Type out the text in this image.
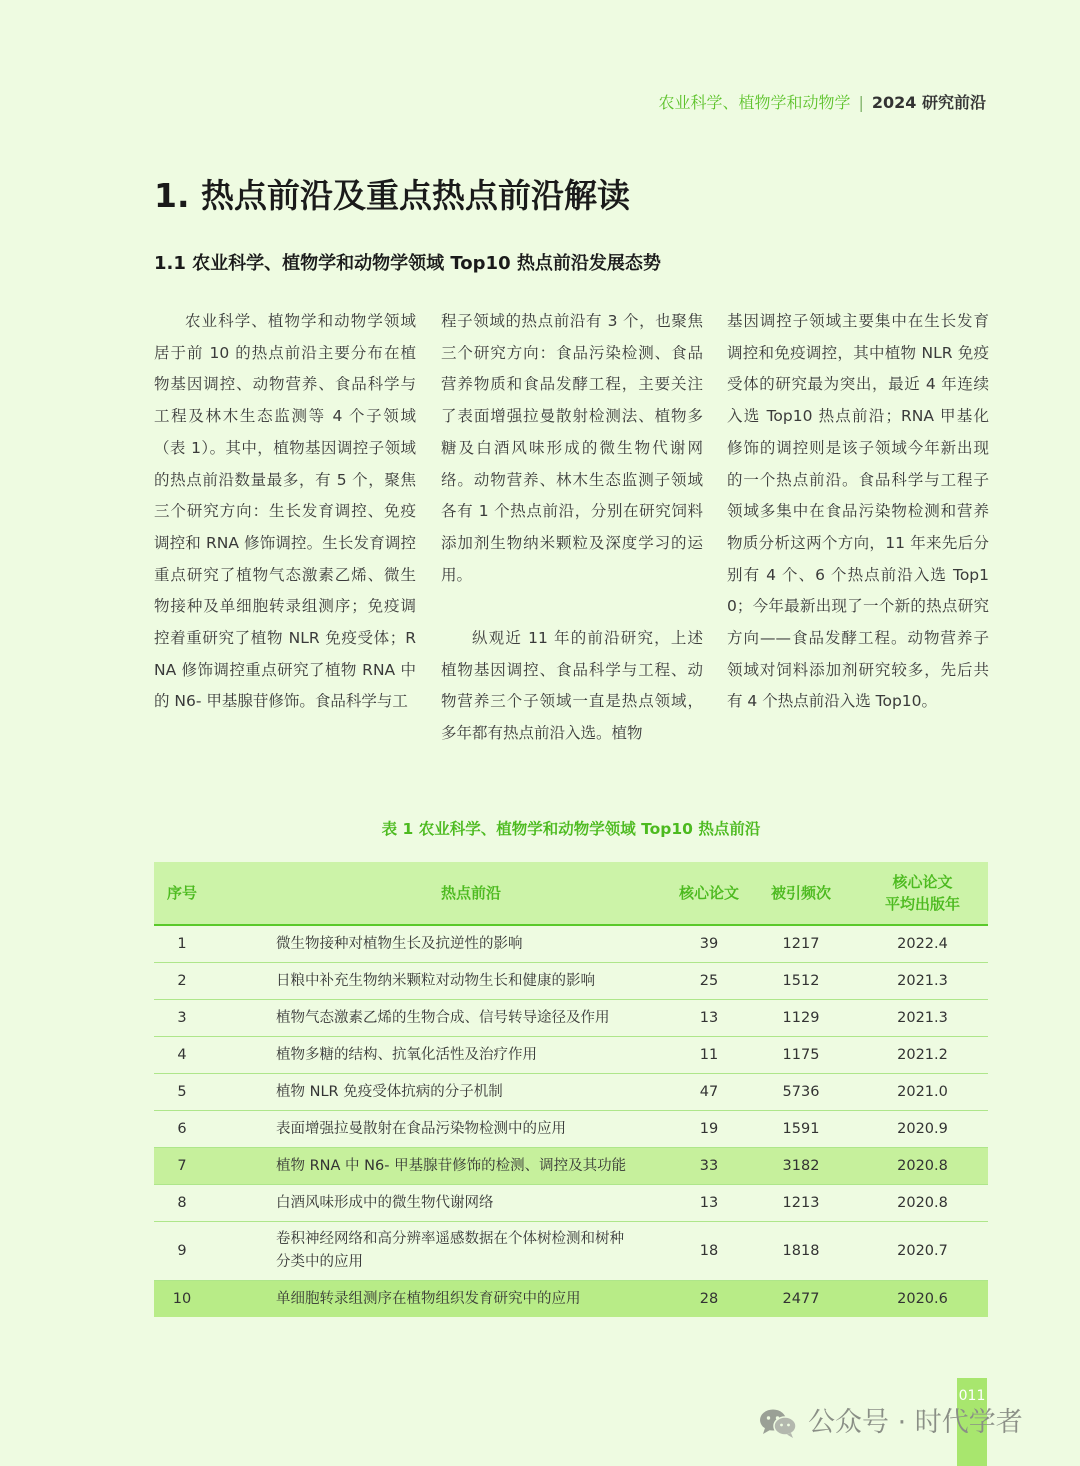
农业科学、植物学和动物学 | 2024 研究前沿
1. 热点前沿及重点热点前沿解读
1.1 农业科学、植物学和动物学领域 Top10 热点前沿发展态势

农业科学、植物学和动物学领域居于前 10 的热点前沿主要分布在植物基因调控、动物营养、食品科学与工程及林木生态监测等 4 个子领域（表 1）。其中，植物基因调控子领域的热点前沿数量最多，有 5 个，聚焦三个研究方向：生长发育调控、免疫调控和 RNA 修饰调控。生长发育调控重点研究了植物气态激素乙烯、微生物接种及单细胞转录组测序；免疫调控着重研究了植物 NLR 免疫受体；RNA 修饰调控重点研究了植物 RNA 中的 N6- 甲基腺苷修饰。食品科学与工

程子领域的热点前沿有 3 个，也聚焦三个研究方向：食品污染检测、食品营养物质和食品发酵工程，主要关注了表面增强拉曼散射检测法、植物多糖及白酒风味形成的微生物代谢网络。动物营养、林木生态监测子领域各有 1 个热点前沿，分别在研究饲料添加剂生物纳米颗粒及深度学习的运用。

纵观近 11 年的前沿研究，上述植物基因调控、食品科学与工程、动物营养三个子领域一直是热点领域，多年都有热点前沿入选。植物

基因调控子领域主要集中在生长发育调控和免疫调控，其中植物 NLR 免疫受体的研究最为突出，最近 4 年连续入选 Top10 热点前沿；RNA 甲基化修饰的调控则是该子领域今年新出现的一个热点前沿。食品科学与工程子领域多集中在食品污染物检测和营养物质分析这两个方向，11 年来先后分别有 4 个、6 个热点前沿入选 Top10；今年最新出现了一个新的热点研究方向——食品发酵工程。动物营养子领域对饲料添加剂研究较多，先后共有 4 个热点前沿入选 Top10。

表 1 农业科学、植物学和动物学领域 Top10 热点前沿
序号	热点前沿	核心论文	被引频次	核心论文
平均出版年
1	微生物接种对植物生长及抗逆性的影响	39	1217	2022.4
2	日粮中补充生物纳米颗粒对动物生长和健康的影响	25	1512	2021.3
3	植物气态激素乙烯的生物合成、信号转导途径及作用	13	1129	2021.3
4	植物多糖的结构、抗氧化活性及治疗作用	11	1175	2021.2
5	植物 NLR 免疫受体抗病的分子机制	47	5736	2021.0
6	表面增强拉曼散射在食品污染物检测中的应用	19	1591	2020.9
7	植物 RNA 中 N6- 甲基腺苷修饰的检测、调控及其功能	33	3182	2020.8
8	白酒风味形成中的微生物代谢网络	13	1213	2020.8
9	卷积神经网络和高分辨率遥感数据在个体树检测和树种
分类中的应用	18	1818	2020.7
10	单细胞转录组测序在植物组织发育研究中的应用	28	2477	2020.6
011
公众号 · 时代学者
